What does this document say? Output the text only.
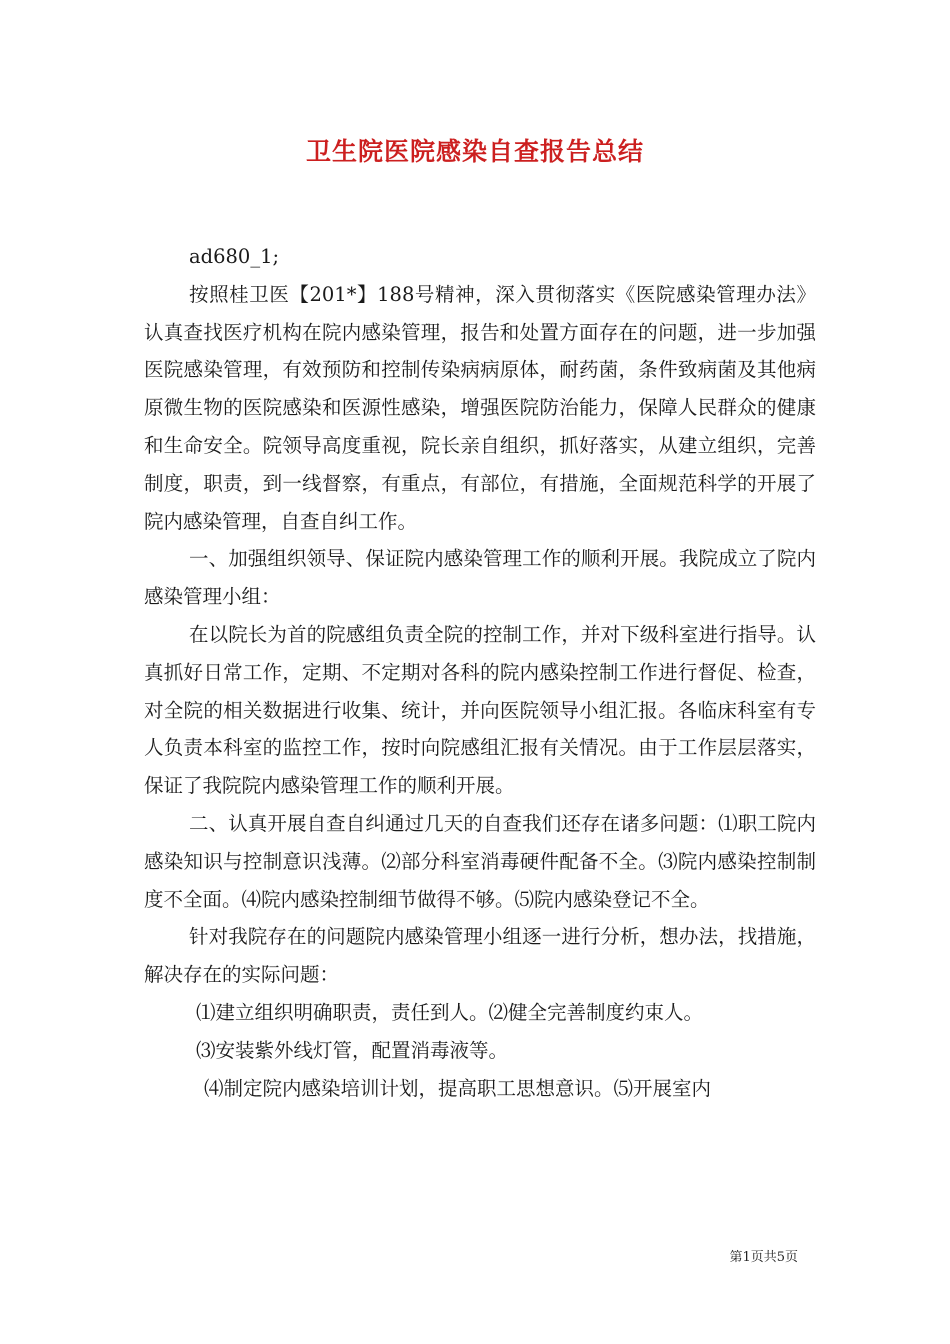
卫生院医院感染自查报告总结

ad680_1;

按照桂卫医【201*】188号精神，深入贯彻落实《医院感染管理办法》认真查找医疗机构在院内感染管理，报告和处置方面存在的问题，进一步加强医院感染管理，有效预防和控制传染病病原体，耐药菌，条件致病菌及其他病原微生物的医院感染和医源性感染，增强医院防治能力，保障人民群众的健康和生命安全。院领导高度重视，院长亲自组织，抓好落实，从建立组织，完善制度，职责，到一线督察，有重点，有部位，有措施，全面规范科学的开展了院内感染管理，自查自纠工作。

一、加强组织领导、保证院内感染管理工作的顺利开展。我院成立了院内感染管理小组：

在以院长为首的院感组负责全院的控制工作，并对下级科室进行指导。认真抓好日常工作，定期、不定期对各科的院内感染控制工作进行督促、检查，对全院的相关数据进行收集、统计，并向医院领导小组汇报。各临床科室有专人负责本科室的监控工作，按时向院感组汇报有关情况。由于工作层层落实，保证了我院院内感染管理工作的顺利开展。

二、认真开展自查自纠通过几天的自查我们还存在诸多问题：⑴职工院内感染知识与控制意识浅薄。⑵部分科室消毒硬件配备不全。⑶院内感染控制制度不全面。⑷院内感染控制细节做得不够。⑸院内感染登记不全。

针对我院存在的问题院内感染管理小组逐一进行分析，想办法，找措施，解决存在的实际问题：

⑴建立组织明确职责，责任到人。⑵健全完善制度约束人。

⑶安装紫外线灯管，配置消毒液等。

⑷制定院内感染培训计划，提高职工思想意识。⑸开展室内

第1页共5页
